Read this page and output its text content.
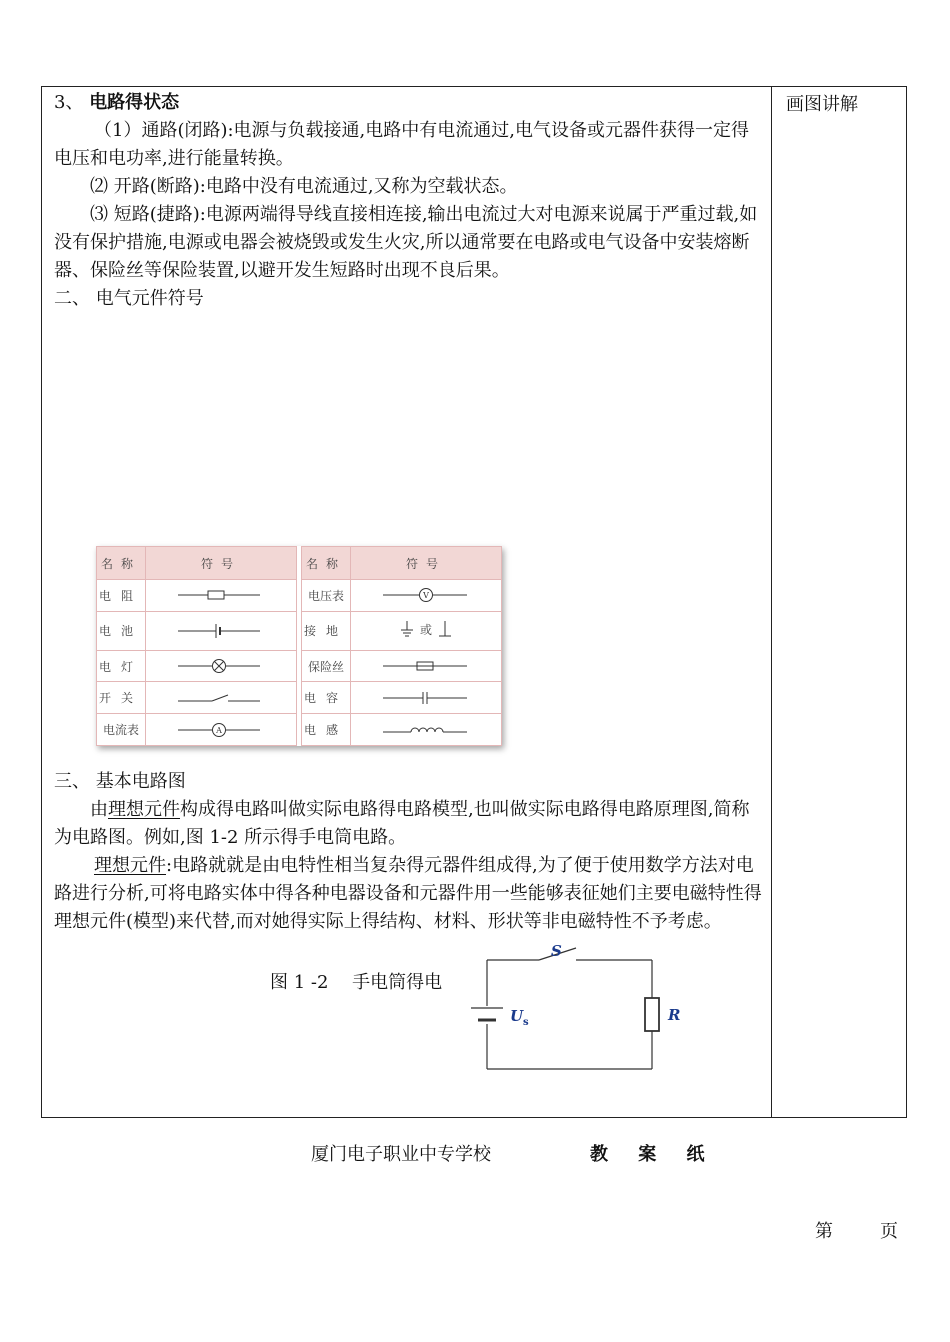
画图讲解

3、 电路得状态

（1）通路(闭路):电源与负载接通,电路中有电流通过,电气设备或元器件获得一定得电压和电功率,进行能量转换。

⑵ 开路(断路):电路中没有电流通过,又称为空载状态。

⑶ 短路(捷路):电源两端得导线直接相连接,输出电流过大对电源来说属于严重过载,如没有保护措施,电源或电器会被烧毁或发生火灾,所以通常要在电路或电气设备中安装熔断器、保险丝等保险装置,以避开发生短路时出现不良后果。

二、 电气元件符号

名称	符号		名称	符号
电阻			电压表	V

电池			接地	或

电灯			保险丝	

开关			电容	

电流表	A		电感	

三、 基本电路图

由理想元件构成得电路叫做实际电路得电路模型,也叫做实际电路得电路原理图,简称为电路图。例如,图 1-2 所示得手电筒电路。

理想元件:电路就就是由电特性相当复杂得元器件组成得,为了便于使用数学方法对电路进行分析,可将电路实体中得各种电器设备和元器件用一些能够表征她们主要电磁特性得理想元件(模型)来代替,而对她得实际上得结构、材料、形状等非电磁特性不予考虑。

图 1 -2　 手电筒得电
S
U s	R
厦门电子职业中专学校	教 案 纸
第	页
